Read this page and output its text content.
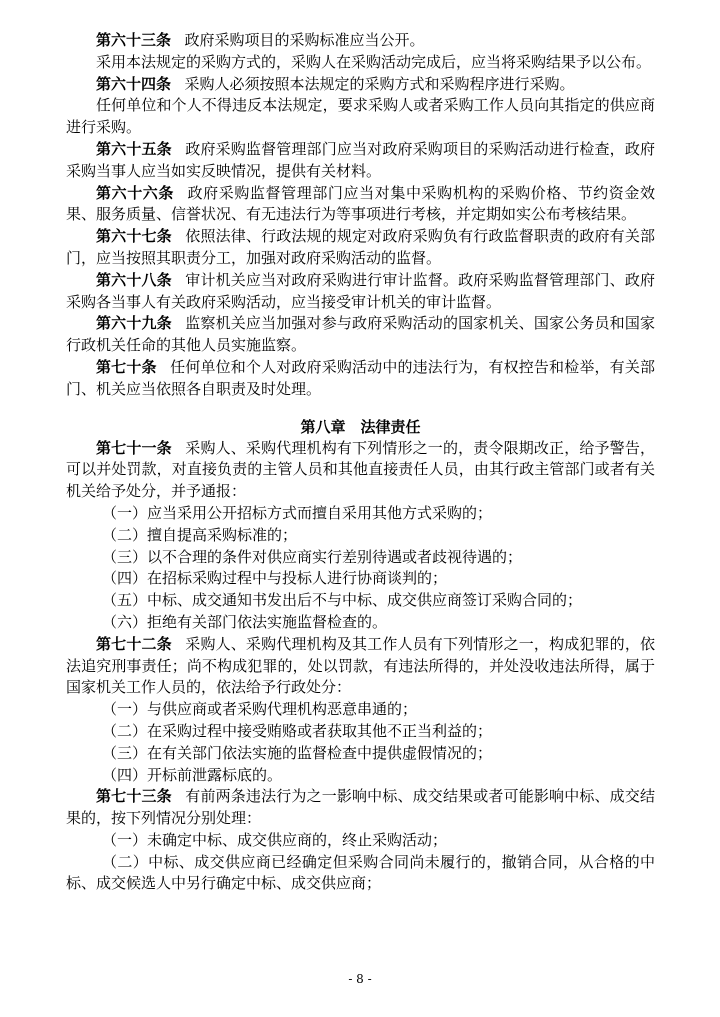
第六十三条 政府采购项目的采购标准应当公开。

采用本法规定的采购方式的，采购人在采购活动完成后，应当将采购结果予以公布。

第六十四条 采购人必须按照本法规定的采购方式和采购程序进行采购。

任何单位和个人不得违反本法规定，要求采购人或者采购工作人员向其指定的供应商进行采购。

第六十五条 政府采购监督管理部门应当对政府采购项目的采购活动进行检查，政府采购当事人应当如实反映情况，提供有关材料。

第六十六条 政府采购监督管理部门应当对集中采购机构的采购价格、节约资金效果、服务质量、信誉状况、有无违法行为等事项进行考核，并定期如实公布考核结果。

第六十七条 依照法律、行政法规的规定对政府采购负有行政监督职责的政府有关部门，应当按照其职责分工，加强对政府采购活动的监督。

第六十八条 审计机关应当对政府采购进行审计监督。政府采购监督管理部门、政府采购各当事人有关政府采购活动，应当接受审计机关的审计监督。

第六十九条 监察机关应当加强对参与政府采购活动的国家机关、国家公务员和国家行政机关任命的其他人员实施监察。

第七十条 任何单位和个人对政府采购活动中的违法行为，有权控告和检举，有关部门、机关应当依照各自职责及时处理。

第八章 法律责任

第七十一条 采购人、采购代理机构有下列情形之一的，责令限期改正，给予警告，可以并处罚款，对直接负责的主管人员和其他直接责任人员，由其行政主管部门或者有关机关给予处分，并予通报：

（一）应当采用公开招标方式而擅自采用其他方式采购的；

（二）擅自提高采购标准的；

（三）以不合理的条件对供应商实行差别待遇或者歧视待遇的；

（四）在招标采购过程中与投标人进行协商谈判的；

（五）中标、成交通知书发出后不与中标、成交供应商签订采购合同的；

（六）拒绝有关部门依法实施监督检查的。

第七十二条 采购人、采购代理机构及其工作人员有下列情形之一，构成犯罪的，依法追究刑事责任；尚不构成犯罪的，处以罚款，有违法所得的，并处没收违法所得，属于国家机关工作人员的，依法给予行政处分：

（一）与供应商或者采购代理机构恶意串通的；

（二）在采购过程中接受贿赂或者获取其他不正当利益的；

（三）在有关部门依法实施的监督检查中提供虚假情况的；

（四）开标前泄露标底的。

第七十三条 有前两条违法行为之一影响中标、成交结果或者可能影响中标、成交结果的，按下列情况分别处理：

（一）未确定中标、成交供应商的，终止采购活动；

（二）中标、成交供应商已经确定但采购合同尚未履行的，撤销合同，从合格的中标、成交候选人中另行确定中标、成交供应商；

- 8 -
